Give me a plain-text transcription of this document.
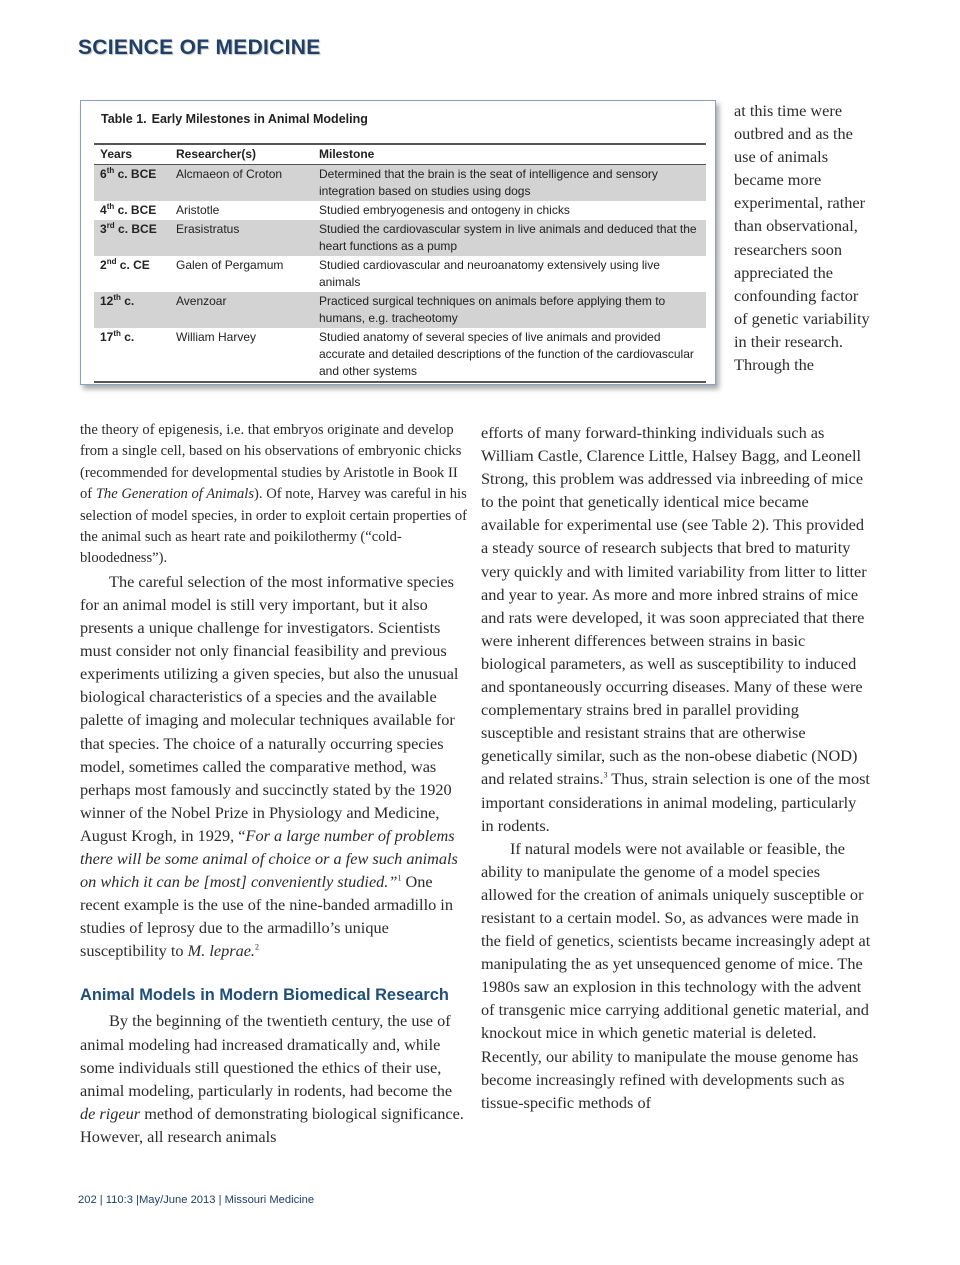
SCIENCE OF MEDICINE
Table 1. Early Milestones in Animal Modeling
Years	Researcher(s)	Milestone
6th c. BCE	Alcmaeon of Croton	Determined that the brain is the seat of intelligence and sensory integration based on studies using dogs
4th c. BCE	Aristotle	Studied embryogenesis and ontogeny in chicks
3rd c. BCE	Erasistratus	Studied the cardiovascular system in live animals and deduced that the heart functions as a pump
2nd c. CE	Galen of Pergamum	Studied cardiovascular and neuroanatomy extensively using live animals
12th c.	Avenzoar	Practiced surgical techniques on animals before applying them to humans, e.g. tracheotomy
17th c.	William Harvey	Studied anatomy of several species of live animals and provided accurate and detailed descriptions of the function of the cardiovascular and other systems

at this time were outbred and as the use of animals became more experimental, rather than observational, researchers soon appreciated the confounding factor of genetic variability in their research. Through the

the theory of epigenesis, i.e. that embryos originate and develop from a single cell, based on his observations of embryonic chicks (recommended for developmental studies by Aristotle in Book II of The Generation of Animals). Of note, Harvey was careful in his selection of model species, in order to exploit certain properties of the animal such as heart rate and poikilothermy (“cold-bloodedness”).

The careful selection of the most informative species for an animal model is still very important, but it also presents a unique challenge for investigators. Scientists must consider not only financial feasibility and previous experiments utilizing a given species, but also the unusual biological characteristics of a species and the available palette of imaging and molecular techniques available for that species. The choice of a naturally occurring species model, sometimes called the comparative method, was perhaps most famously and succinctly stated by the 1920 winner of the Nobel Prize in Physiology and Medicine, August Krogh, in 1929, “For a large number of problems there will be some animal of choice or a few such animals on which it can be [most] conveniently studied.”$^1$ One recent example is the use of the nine-banded armadillo in studies of leprosy due to the armadillo’s unique susceptibility to M. leprae.$^2$

Animal Models in Modern Biomedical Research

By the beginning of the twentieth century, the use of animal modeling had increased dramatically and, while some individuals still questioned the ethics of their use, animal modeling, particularly in rodents, had become the de rigeur method of demonstrating biological significance. However, all research animals

efforts of many forward-thinking individuals such as William Castle, Clarence Little, Halsey Bagg, and Leonell Strong, this problem was addressed via inbreeding of mice to the point that genetically identical mice became available for experimental use (see Table 2). This provided a steady source of research subjects that bred to maturity very quickly and with limited variability from litter to litter and year to year. As more and more inbred strains of mice and rats were developed, it was soon appreciated that there were inherent differences between strains in basic biological parameters, as well as susceptibility to induced and spontaneously occurring diseases. Many of these were complementary strains bred in parallel providing susceptible and resistant strains that are otherwise genetically similar, such as the non-obese diabetic (NOD) and related strains.$^3$ Thus, strain selection is one of the most important considerations in animal modeling, particularly in rodents.

If natural models were not available or feasible, the ability to manipulate the genome of a model species allowed for the creation of animals uniquely susceptible or resistant to a certain model. So, as advances were made in the field of genetics, scientists became increasingly adept at manipulating the as yet unsequenced genome of mice. The 1980s saw an explosion in this technology with the advent of transgenic mice carrying additional genetic material, and knockout mice in which genetic material is deleted. Recently, our ability to manipulate the mouse genome has become increasingly refined with developments such as tissue-specific methods of

202 | 110:3 |May/June 2013 | Missouri Medicine
